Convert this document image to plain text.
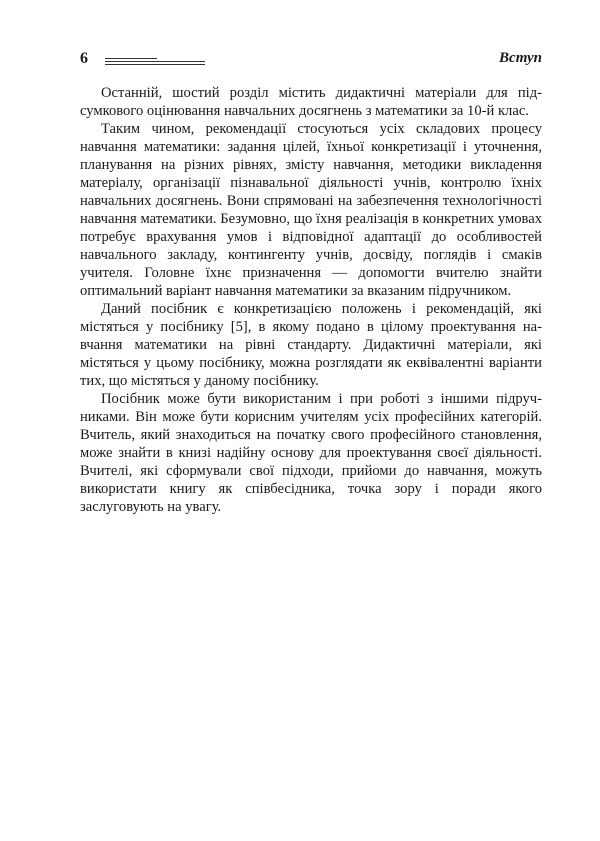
6	Вступ

Останній, шостий розділ містить дидактичні матеріали для підсумкового оцінювання навчальних досягнень з математики за 10-й клас.

Таким чином, рекомендації стосуються усіх складових процесу навчання математики: задання цілей, їхньої конкретизації і уточнення, планування на різних рівнях, змісту навчання, методики викладення матеріалу, організації пізнавальної діяльності учнів, контролю їхніх навчальних досягнень. Вони спрямовані на забезпечення технологічності навчання математики. Безумовно, що їхня реалізація в конкретних умовах потребує врахування умов і відповідної адаптації до особливостей навчального закладу, контингенту учнів, досвіду, поглядів і смаків учителя. Головне їхнє призначення — допомогти вчителю знайти оптимальний варіант навчання математики за вказаним підручником.

Даний посібник є конкретизацією положень і рекомендацій, які містяться у посібнику [5], в якому подано в цілому проектування навчання математики на рівні стандарту. Дидактичні матеріали, які містяться у цьому посібнику, можна розглядати як еквівалентні варіанти тих, що містяться у даному посібнику.

Посібник може бути використаним і при роботі з іншими підручниками. Він може бути корисним учителям усіх професійних категорій. Вчитель, який знаходиться на початку свого професійного становлення, може знайти в книзі надійну основу для проектування своєї діяльності. Вчителі, які сформували свої підходи, прийоми до навчання, можуть використати книгу як співбесідника, точка зору і поради якого заслуговують на увагу.
